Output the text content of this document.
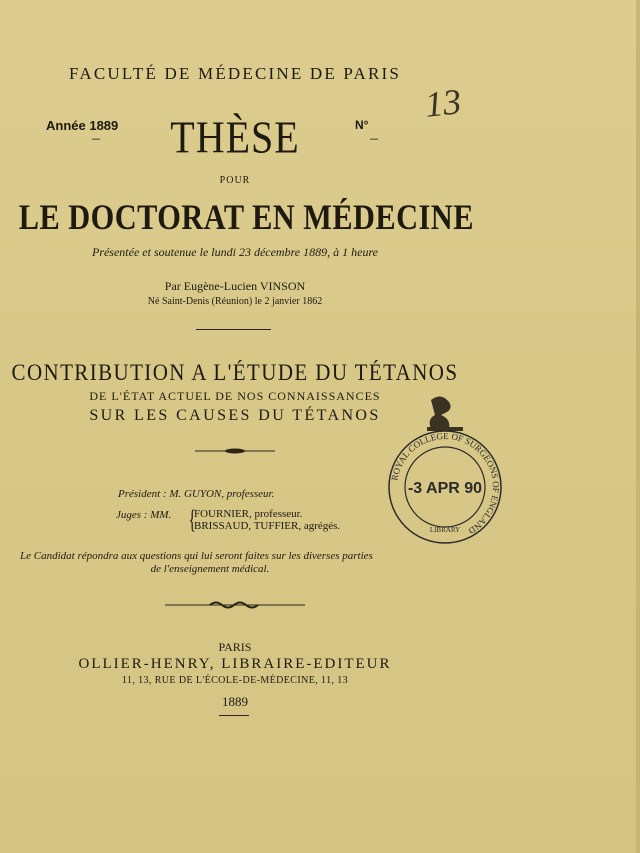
FACULTÉ DE MÉDECINE DE PARIS
Année 1889
–	THÈSE	N°
–
13
POUR
LE DOCTORAT EN MÉDECINE
Présentée et soutenue le lundi 23 décembre 1889, à 1 heure
Par Eugène-Lucien VINSON
Né Saint-Denis (Réunion) le 2 janvier 1862
CONTRIBUTION A L'ÉTUDE DU TÉTANOS
DE L'ÉTAT ACTUEL DE NOS CONNAISSANCES
SUR LES CAUSES DU TÉTANOS
Président : M. GUYON, professeur.
Juges : MM. {
FOURNIER, professeur.
BRISSAUD, TUFFIER, agrégés.
Le Candidat répondra aux questions qui lui seront faites sur les diverses parties
de l'enseignement médical.
PARIS
OLLIER-HENRY, LIBRAIRE-EDITEUR
11, 13, RUE DE L'ÉCOLE-DE-MÉDECINE, 11, 13
1889
ROYAL COLLEGE OF SURGEONS OF ENGLAND
-3 APR 90
LIBRARY
